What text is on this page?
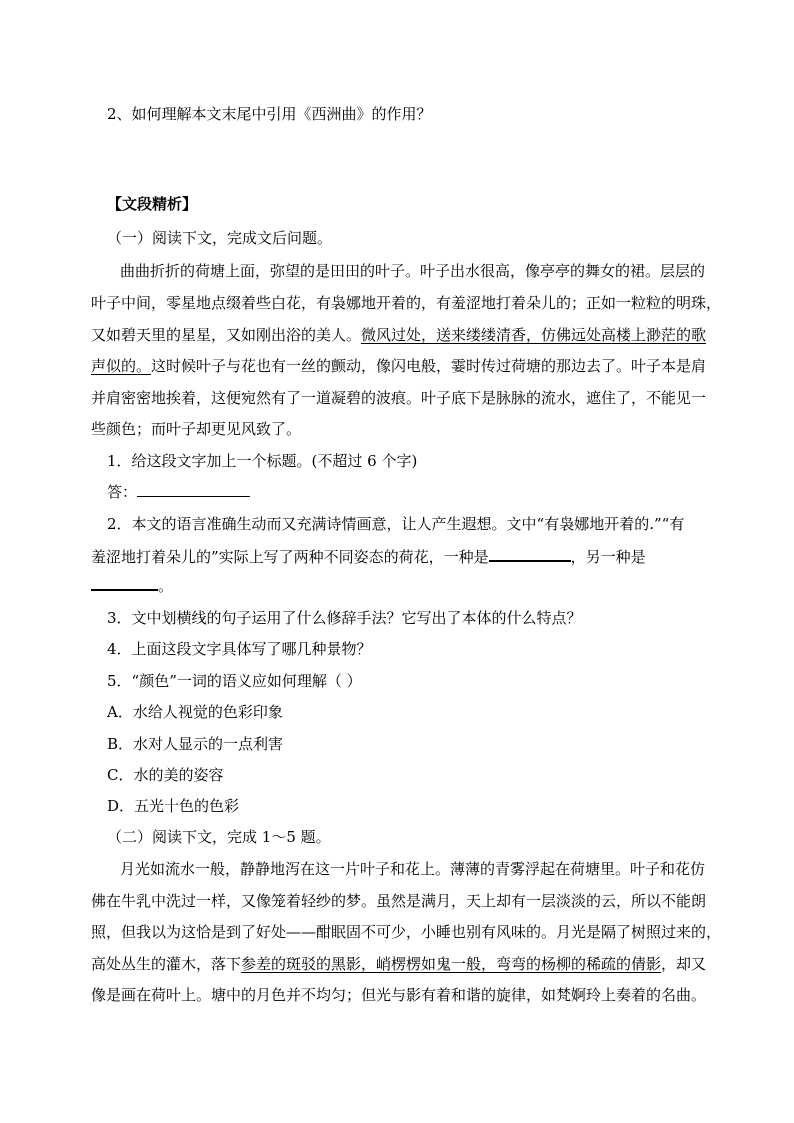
2、如何理解本文末尾中引用《西洲曲》的作用？
【文段精析】
（一）阅读下文，完成文后问题。
曲曲折折的荷塘上面，弥望的是田田的叶子。叶子出水很高，像亭亭的舞女的裙。层层的
叶子中间，零星地点缀着些白花，有袅娜地开着的，有羞涩地打着朵儿的；正如一粒粒的明珠，
又如碧天里的星星，又如刚出浴的美人。微风过处，送来缕缕清香，仿佛远处高楼上渺茫的歌
声似的。这时候叶子与花也有一丝的颤动，像闪电般，霎时传过荷塘的那边去了。叶子本是肩
并肩密密地挨着，这便宛然有了一道凝碧的波痕。叶子底下是脉脉的流水，遮住了，不能见一
些颜色；而叶子却更见风致了。
1．给这段文字加上一个标题。(不超过 6 个字)
答：
2．本文的语言准确生动而又充满诗情画意，让人产生遐想。文中“有袅娜地开着的.”“有
羞涩地打着朵儿的”实际上写了两种不同姿态的荷花，一种是	，另一种是
。
3．文中划横线的句子运用了什么修辞手法？它写出了本体的什么特点？
4．上面这段文字具体写了哪几种景物？
5．“颜色”一词的语义应如何理解（ ）
A．水给人视觉的色彩印象
B．水对人显示的一点利害
C．水的美的姿容
D．五光十色的色彩
（二）阅读下文，完成 1～5 题。
月光如流水一般，静静地泻在这一片叶子和花上。薄薄的青雾浮起在荷塘里。叶子和花仿
佛在牛乳中洗过一样，又像笼着轻纱的梦。虽然是满月，天上却有一层淡淡的云，所以不能朗
照，但我以为这恰是到了好处——酣眠固不可少，小睡也别有风味的。月光是隔了树照过来的，
高处丛生的灌木，落下参差的斑驳的黑影，峭楞楞如鬼一般，弯弯的杨柳的稀疏的倩影，却又
像是画在荷叶上。塘中的月色并不均匀；但光与影有着和谐的旋律，如梵婀玲上奏着的名曲。
